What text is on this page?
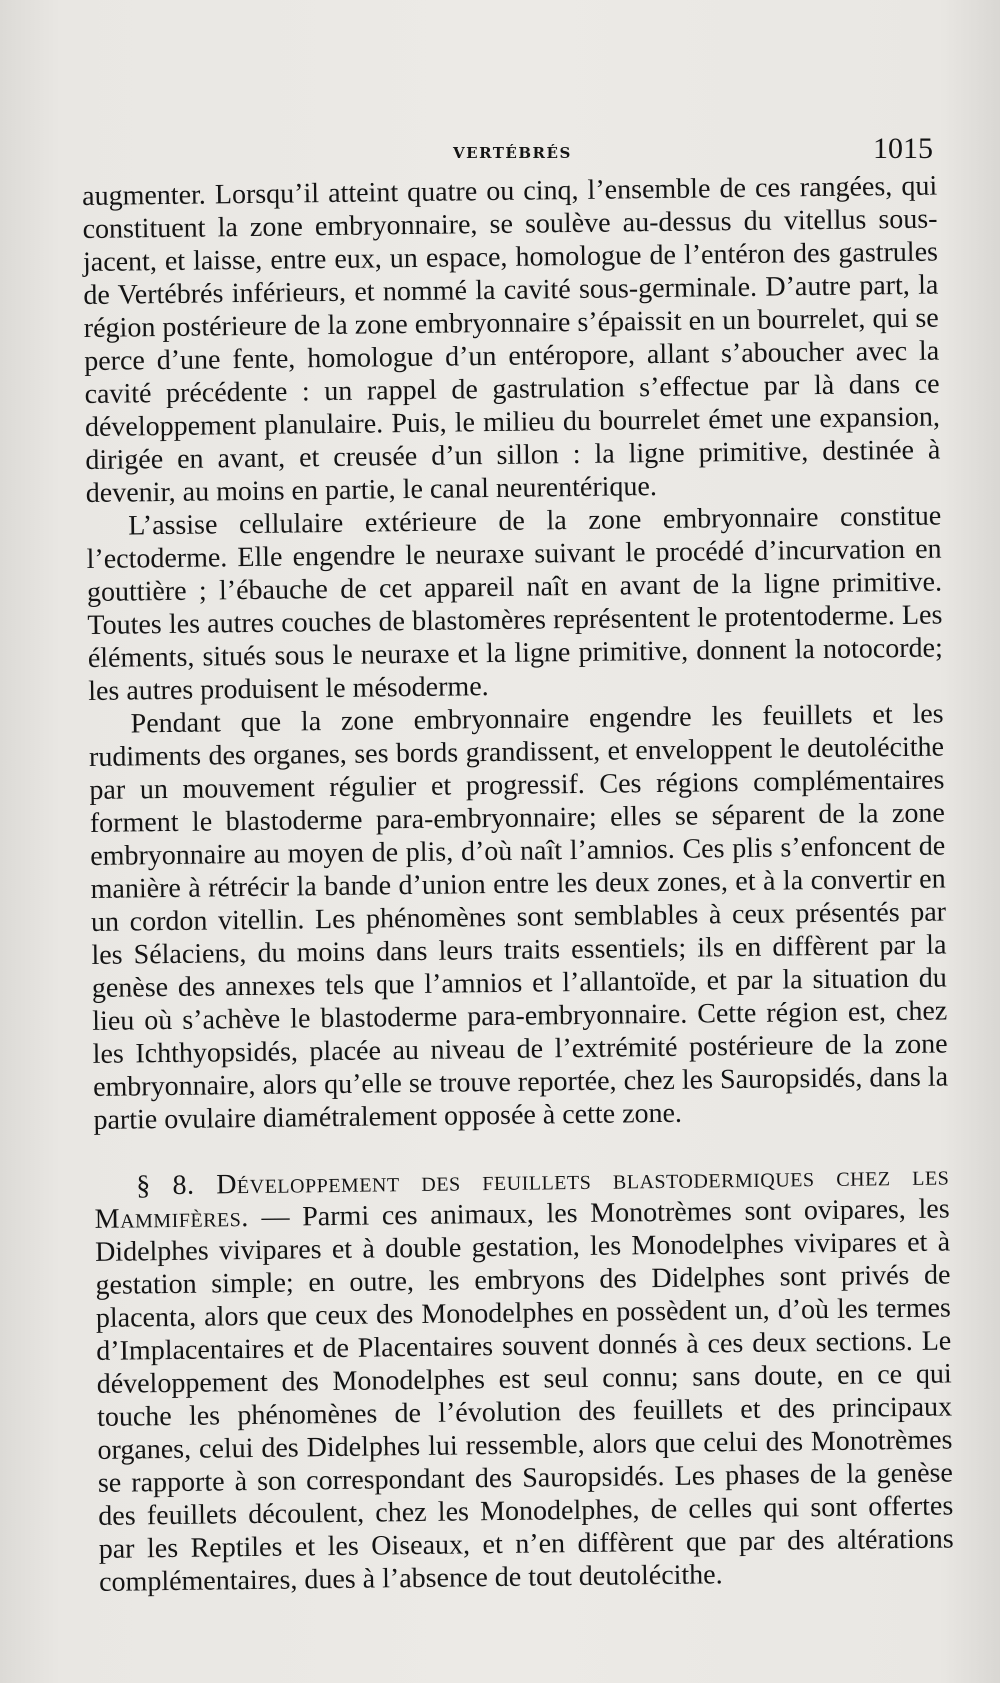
VERTÉBRÉS	1015

augmenter. Lorsqu’il atteint quatre ou cinq, l’ensemble de ces rangées, qui constituent la zone embryonnaire, se soulève au-dessus du vitellus sous-jacent, et laisse, entre eux, un espace, homologue de l’entéron des gastrules de Vertébrés inférieurs, et nommé la cavité sous-germinale. D’autre part, la région postérieure de la zone embryonnaire s’épaissit en un bourrelet, qui se perce d’une fente, homologue d’un entéropore, allant s’aboucher avec la cavité précédente : un rappel de gastrulation s’effectue par là dans ce développement planulaire. Puis, le milieu du bourrelet émet une expansion, dirigée en avant, et creusée d’un sillon : la ligne primitive, destinée à devenir, au moins en partie, le canal neurentérique.

L’assise cellulaire extérieure de la zone embryonnaire constitue l’ectoderme. Elle engendre le neuraxe suivant le procédé d’incurvation en gouttière ; l’ébauche de cet appareil naît en avant de la ligne primitive. Toutes les autres couches de blastomères représentent le protentoderme. Les éléments, situés sous le neuraxe et la ligne primitive, donnent la notocorde; les autres produisent le mésoderme.

Pendant que la zone embryonnaire engendre les feuillets et les rudiments des organes, ses bords grandissent, et enveloppent le deutolécithe par un mouvement régulier et progressif. Ces régions complémentaires forment le blastoderme para-embryonnaire; elles se séparent de la zone embryonnaire au moyen de plis, d’où naît l’amnios. Ces plis s’enfoncent de manière à rétrécir la bande d’union entre les deux zones, et à la convertir en un cordon vitellin. Les phénomènes sont semblables à ceux présentés par les Sélaciens, du moins dans leurs traits essentiels; ils en diffèrent par la genèse des annexes tels que l’amnios et l’allantoïde, et par la situation du lieu où s’achève le blastoderme para-embryonnaire. Cette région est, chez les Ichthyopsidés, placée au niveau de l’extrémité postérieure de la zone embryonnaire, alors qu’elle se trouve reportée, chez les Sauropsidés, dans la partie ovulaire diamétralement opposée à cette zone.

§ 8. Développement des feuillets blastodermiques chez les Mammifères. — Parmi ces animaux, les Monotrèmes sont ovipares, les Didelphes vivipares et à double gestation, les Monodelphes vivipares et à gestation simple; en outre, les embryons des Didelphes sont privés de placenta, alors que ceux des Monodelphes en possèdent un, d’où les termes d’Implacentaires et de Placentaires souvent donnés à ces deux sections. Le développement des Monodelphes est seul connu; sans doute, en ce qui touche les phénomènes de l’évolution des feuillets et des principaux organes, celui des Didelphes lui ressemble, alors que celui des Monotrèmes se rapporte à son correspondant des Sauropsidés. Les phases de la genèse des feuillets découlent, chez les Monodelphes, de celles qui sont offertes par les Reptiles et les Oiseaux, et n’en diffèrent que par des altérations complémentaires, dues à l’absence de tout deutolécithe.
